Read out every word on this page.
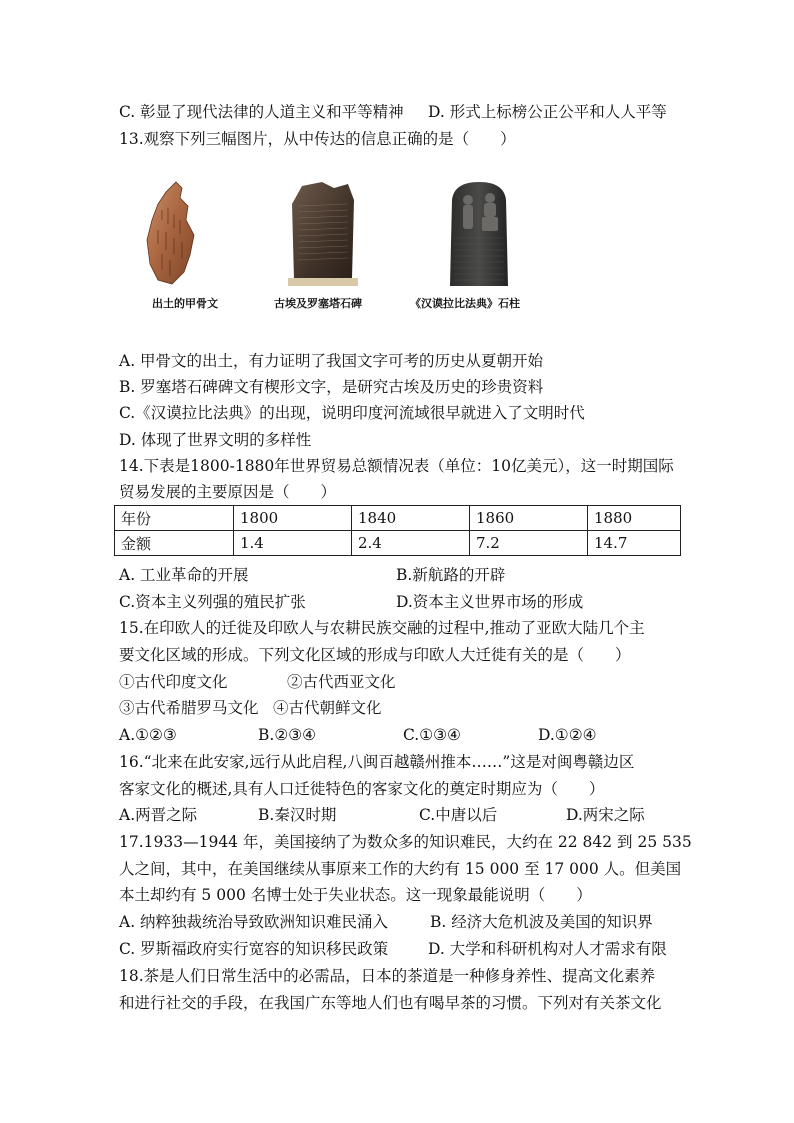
C. 彰显了现代法律的人道主义和平等精神 D. 形式上标榜公正公平和人人平等
13.观察下列三幅图片，从中传达的信息正确的是（　　）
出土的甲骨文	古埃及罗塞塔石碑	《汉谟拉比法典》石柱
A. 甲骨文的出土，有力证明了我国文字可考的历史从夏朝开始
B. 罗塞塔石碑碑文有楔形文字，是研究古埃及历史的珍贵资料
C.《汉谟拉比法典》的出现，说明印度河流域很早就进入了文明时代
D. 体现了世界文明的多样性
14.下表是1800-1880年世界贸易总额情况表（单位：10亿美元），这一时期国际
贸易发展的主要原因是（　　）
年份	1800	1840	1860	1880
金额	1.4	2.4	7.2	14.7
A. 工业革命的开展	B.新航路的开辟
C.资本主义列强的殖民扩张	D.资本主义世界市场的形成
15.在印欧人的迁徙及印欧人与农耕民族交融的过程中,推动了亚欧大陆几个主
要文化区域的形成。下列文化区域的形成与印欧人大迁徙有关的是（　　）
①古代印度文化	②古代西亚文化
③古代希腊罗马文化 ④古代朝鲜文化
A.①②③	B.②③④	C.①③④	D.①②④
16.“北来在此安家,远行从此启程,八闽百越赣州推本……”这是对闽粤赣边区
客家文化的概述,具有人口迁徙特色的客家文化的奠定时期应为（　　）
A.两晋之际	B.秦汉时期	C.中唐以后	D.两宋之际
17.1933—1944 年，美国接纳了为数众多的知识难民，大约在 22 842 到 25 535
人之间，其中，在美国继续从事原来工作的大约有 15 000 至 17 000 人。但美国
本土却约有 5 000 名博士处于失业状态。这一现象最能说明（　　）
A. 纳粹独裁统治导致欧洲知识难民涌入	B. 经济大危机波及美国的知识界
C. 罗斯福政府实行宽容的知识移民政策	D. 大学和科研机构对人才需求有限
18.茶是人们日常生活中的必需品，日本的茶道是一种修身养性、提高文化素养
和进行社交的手段，在我国广东等地人们也有喝早茶的习惯。下列对有关茶文化
